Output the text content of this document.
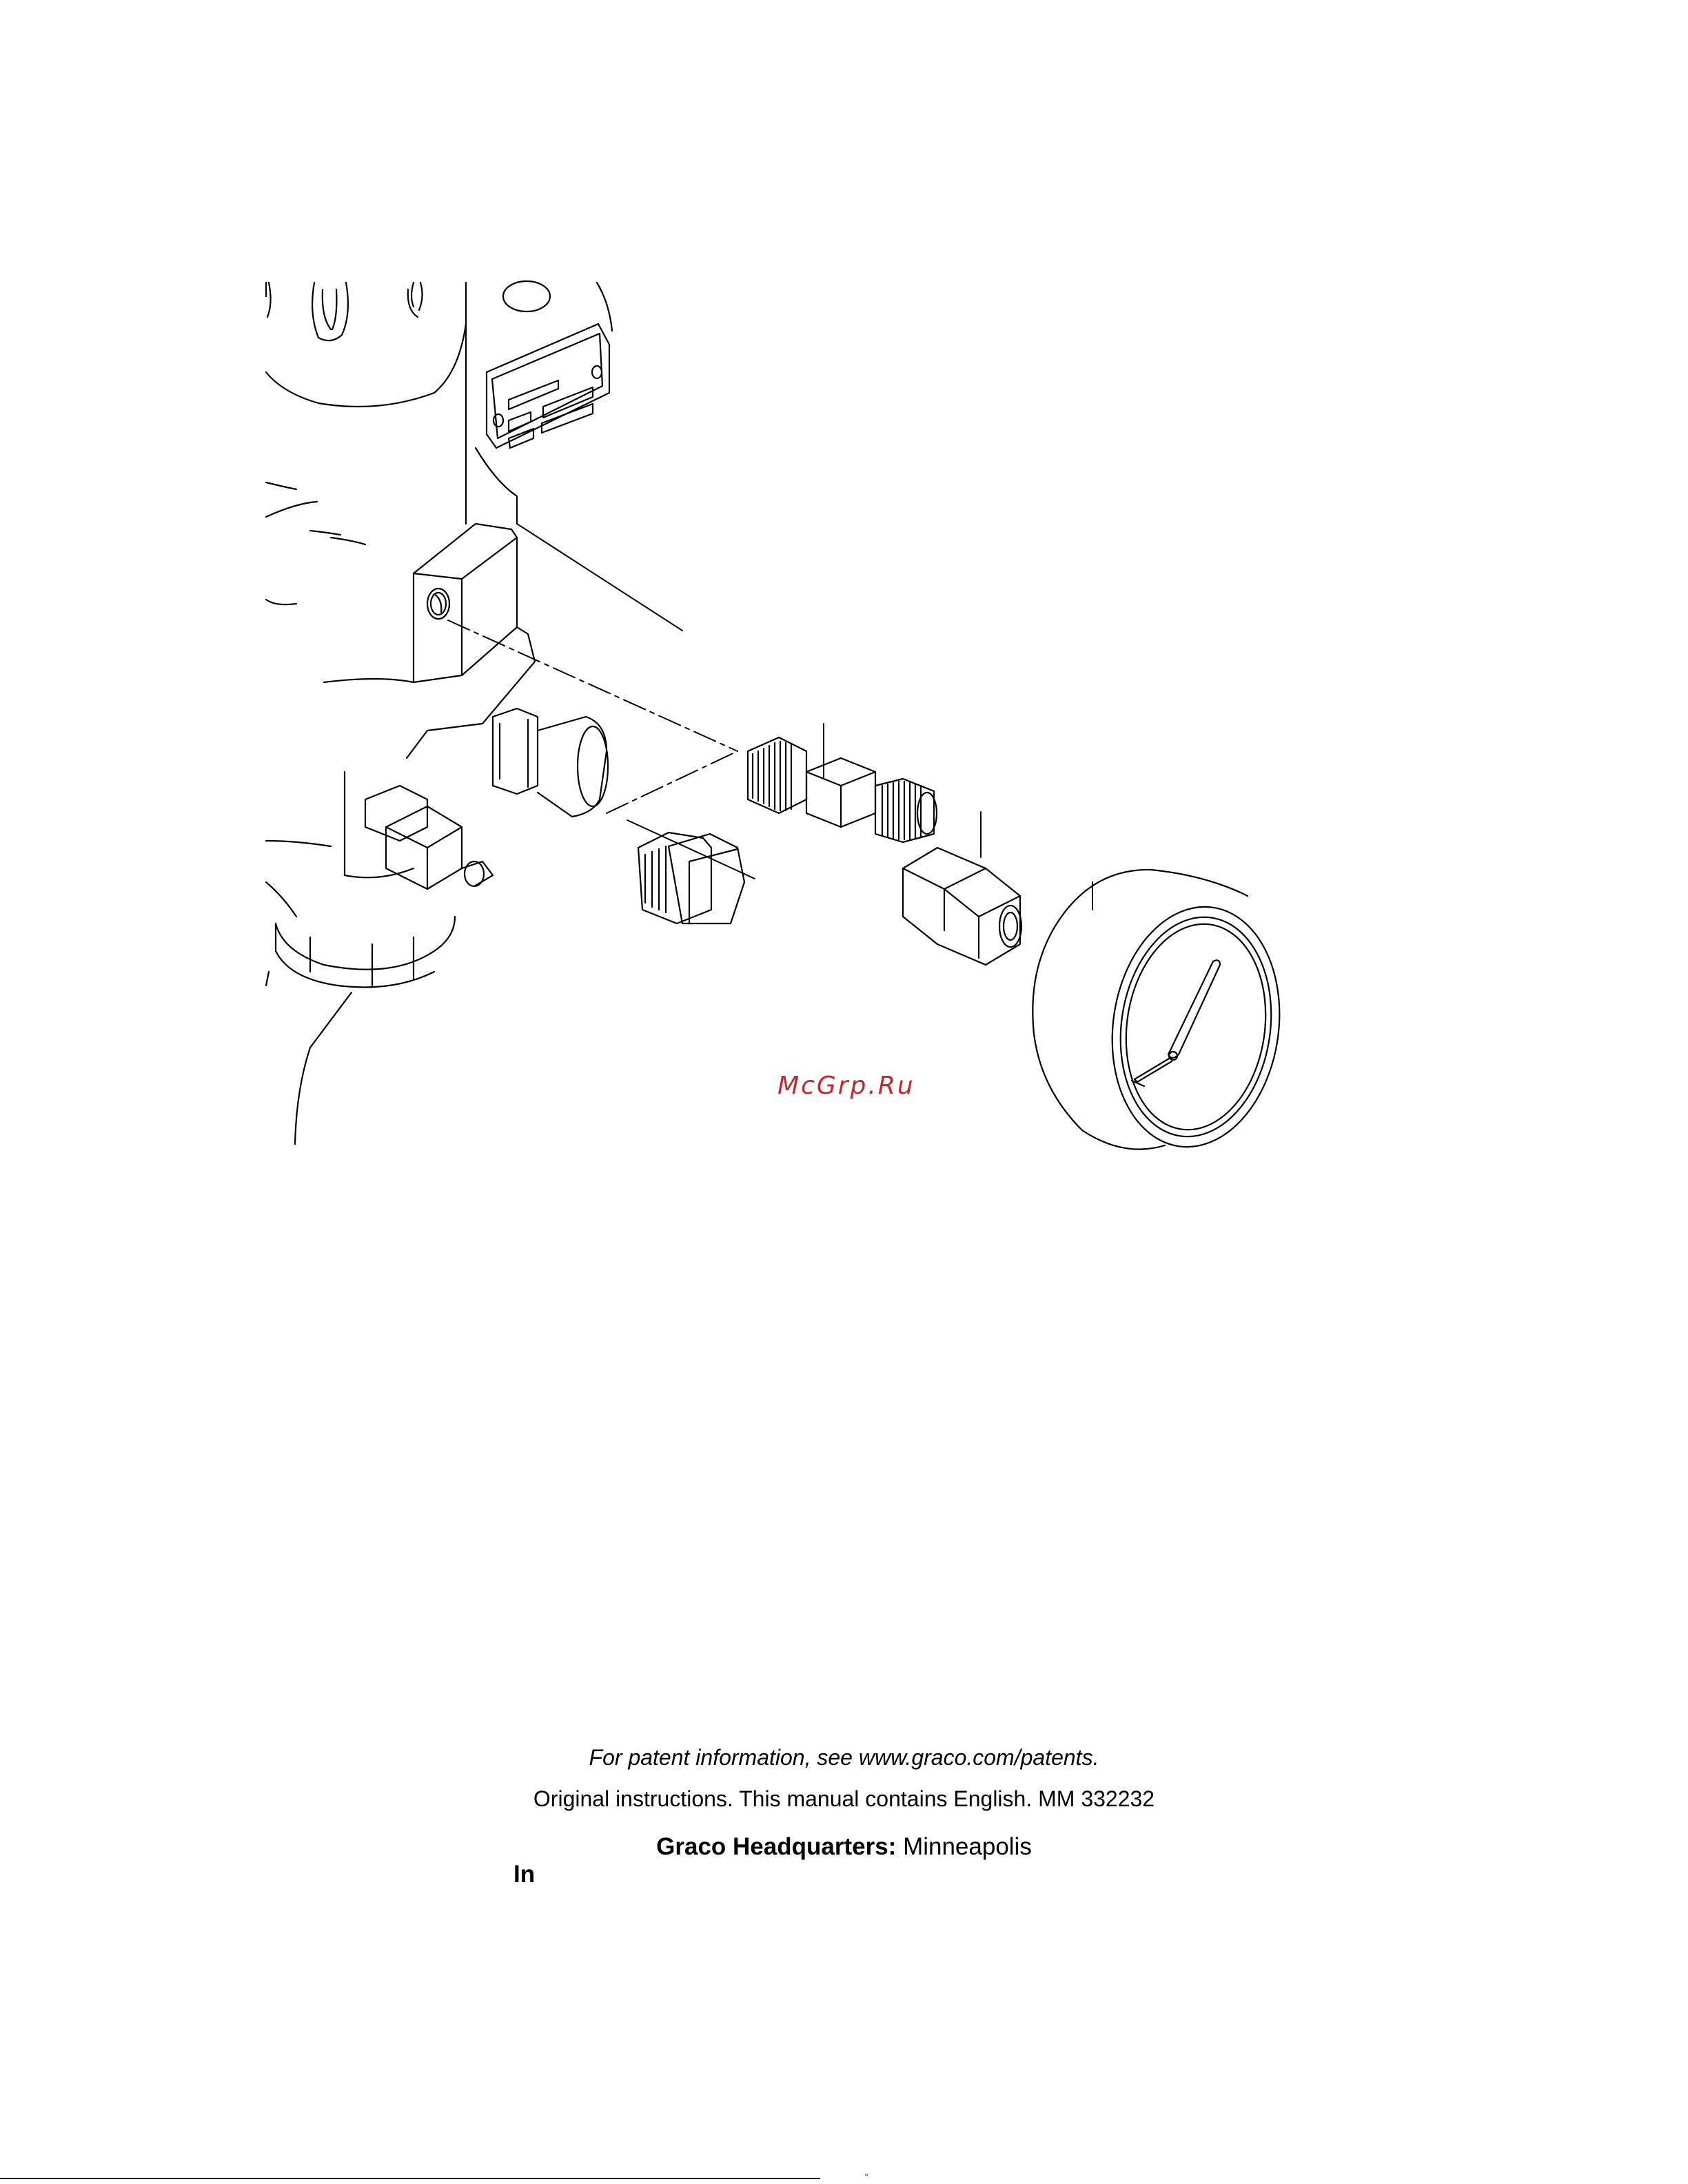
McGrp.Ru
For patent information, see www.graco.com/patents.
Original instructions. This manual contains English. MM 332232
Graco Headquarters: Minneapolis
In
"
